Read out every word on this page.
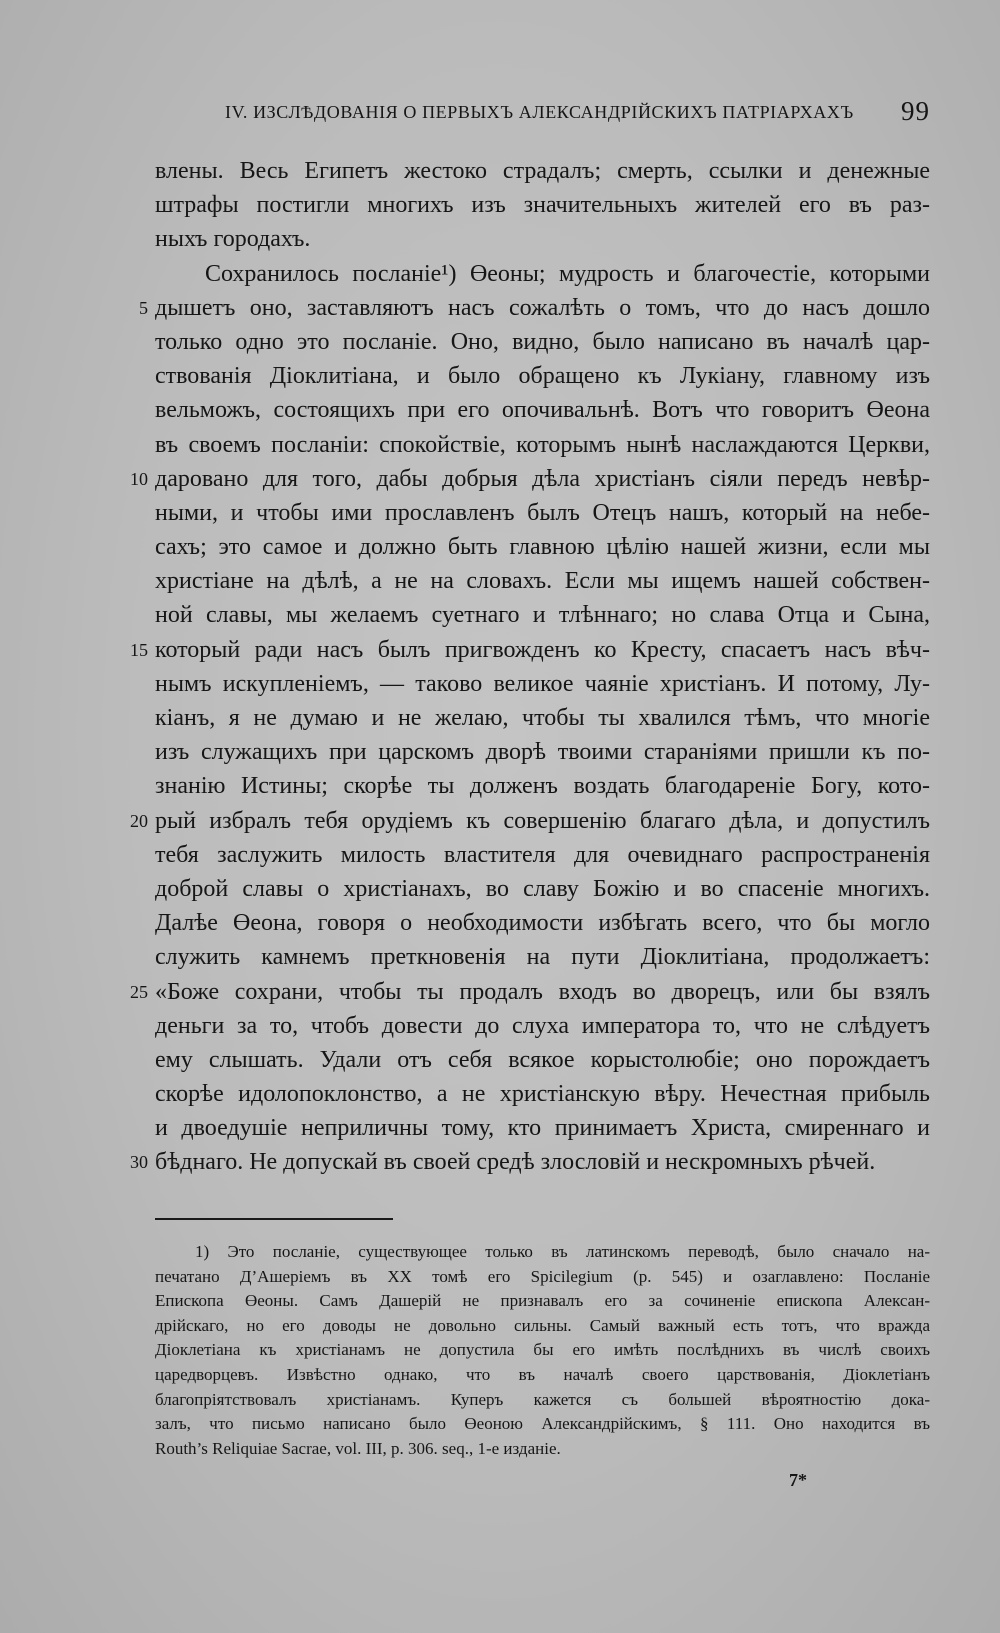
IV. ИЗСЛѢДОВАНІЯ О ПЕРВЫХЪ АЛЕКСАНДРІЙСКИХЪ ПАТРІАРХАХЪ 99
влены. Весь Египетъ жестоко страдалъ; смерть, ссылки и денежные
штрафы постигли многихъ изъ значительныхъ жителей его въ раз-
ныхъ городахъ.
Сохранилось посланіе¹) Өеоны; мудрость и благочестіе, которыми
5 дышетъ оно, заставляютъ насъ сожалѣть о томъ, что до насъ дошло
только одно это посланіе. Оно, видно, было написано въ началѣ цар-
ствованія Діоклитіана, и было обращено къ Лукіану, главному изъ
вельможъ, состоящихъ при его опочивальнѣ. Вотъ что говоритъ Өеона
въ своемъ посланіи: спокойствіе, которымъ нынѣ наслаждаются Церкви,
10 даровано для того, дабы добрыя дѣла христіанъ сіяли передъ невѣр-
ными, и чтобы ими прославленъ былъ Отецъ нашъ, который на небе-
сахъ; это самое и должно быть главною цѣлію нашей жизни, если мы
христіане на дѣлѣ, а не на словахъ. Если мы ищемъ нашей собствен-
ной славы, мы желаемъ суетнаго и тлѣннаго; но слава Отца и Сына,
15 который ради насъ былъ пригвожденъ ко Кресту, спасаетъ насъ вѣч-
нымъ искупленіемъ, — таково великое чаяніе христіанъ. И потому, Лу-
кіанъ, я не думаю и не желаю, чтобы ты хвалился тѣмъ, что многіе
изъ служащихъ при царскомъ дворѣ твоими стараніями пришли къ по-
знанію Истины; скорѣе ты долженъ воздать благодареніе Богу, кото-
20 рый избралъ тебя орудіемъ къ совершенію благаго дѣла, и допустилъ
тебя заслужить милость властителя для очевиднаго распространенія
доброй славы о христіанахъ, во славу Божію и во спасеніе многихъ.
Далѣе Өеона, говоря о необходимости избѣгать всего, что бы могло
служить камнемъ преткновенія на пути Діоклитіана, продолжаетъ:
25 «Боже сохрани, чтобы ты продалъ входъ во дворецъ, или бы взялъ
деньги за то, чтобъ довести до слуха императора то, что не слѣдуетъ
ему слышать. Удали отъ себя всякое корыстолюбіе; оно порождаетъ
скорѣе идолопоклонство, а не христіанскую вѣру. Нечестная прибыль
и двоедушіе неприличны тому, кто принимаетъ Христа, смиреннаго и
30 бѣднаго. Не допускай въ своей средѣ злословій и нескромныхъ рѣчей.
1) Это посланіе, существующее только въ латинскомъ переводѣ, было сначало на-
печатано Д’Ашеріемъ въ XX томѣ его Spicilegium (р. 545) и озаглавлено: Посланіе
Епископа Өеоны. Самъ Дашерій не признавалъ его за сочиненіе епископа Алексан-
дрійскаго, но его доводы не довольно сильны. Самый важный есть тотъ, что вражда
Діоклетіана къ христіанамъ не допустила бы его имѣть послѣднихъ въ числѣ своихъ
царедворцевъ. Извѣстно однако, что въ началѣ своего царствованія, Діоклетіанъ
благопріятствовалъ христіанамъ. Куперъ кажется съ большей вѣроятностію дока-
залъ, что письмо написано было Өеоною Александрійскимъ, § 111. Оно находится въ
Routh’s Reliquiae Sacrae, vol. III, р. 306. seq., 1-е изданіе.
7*
